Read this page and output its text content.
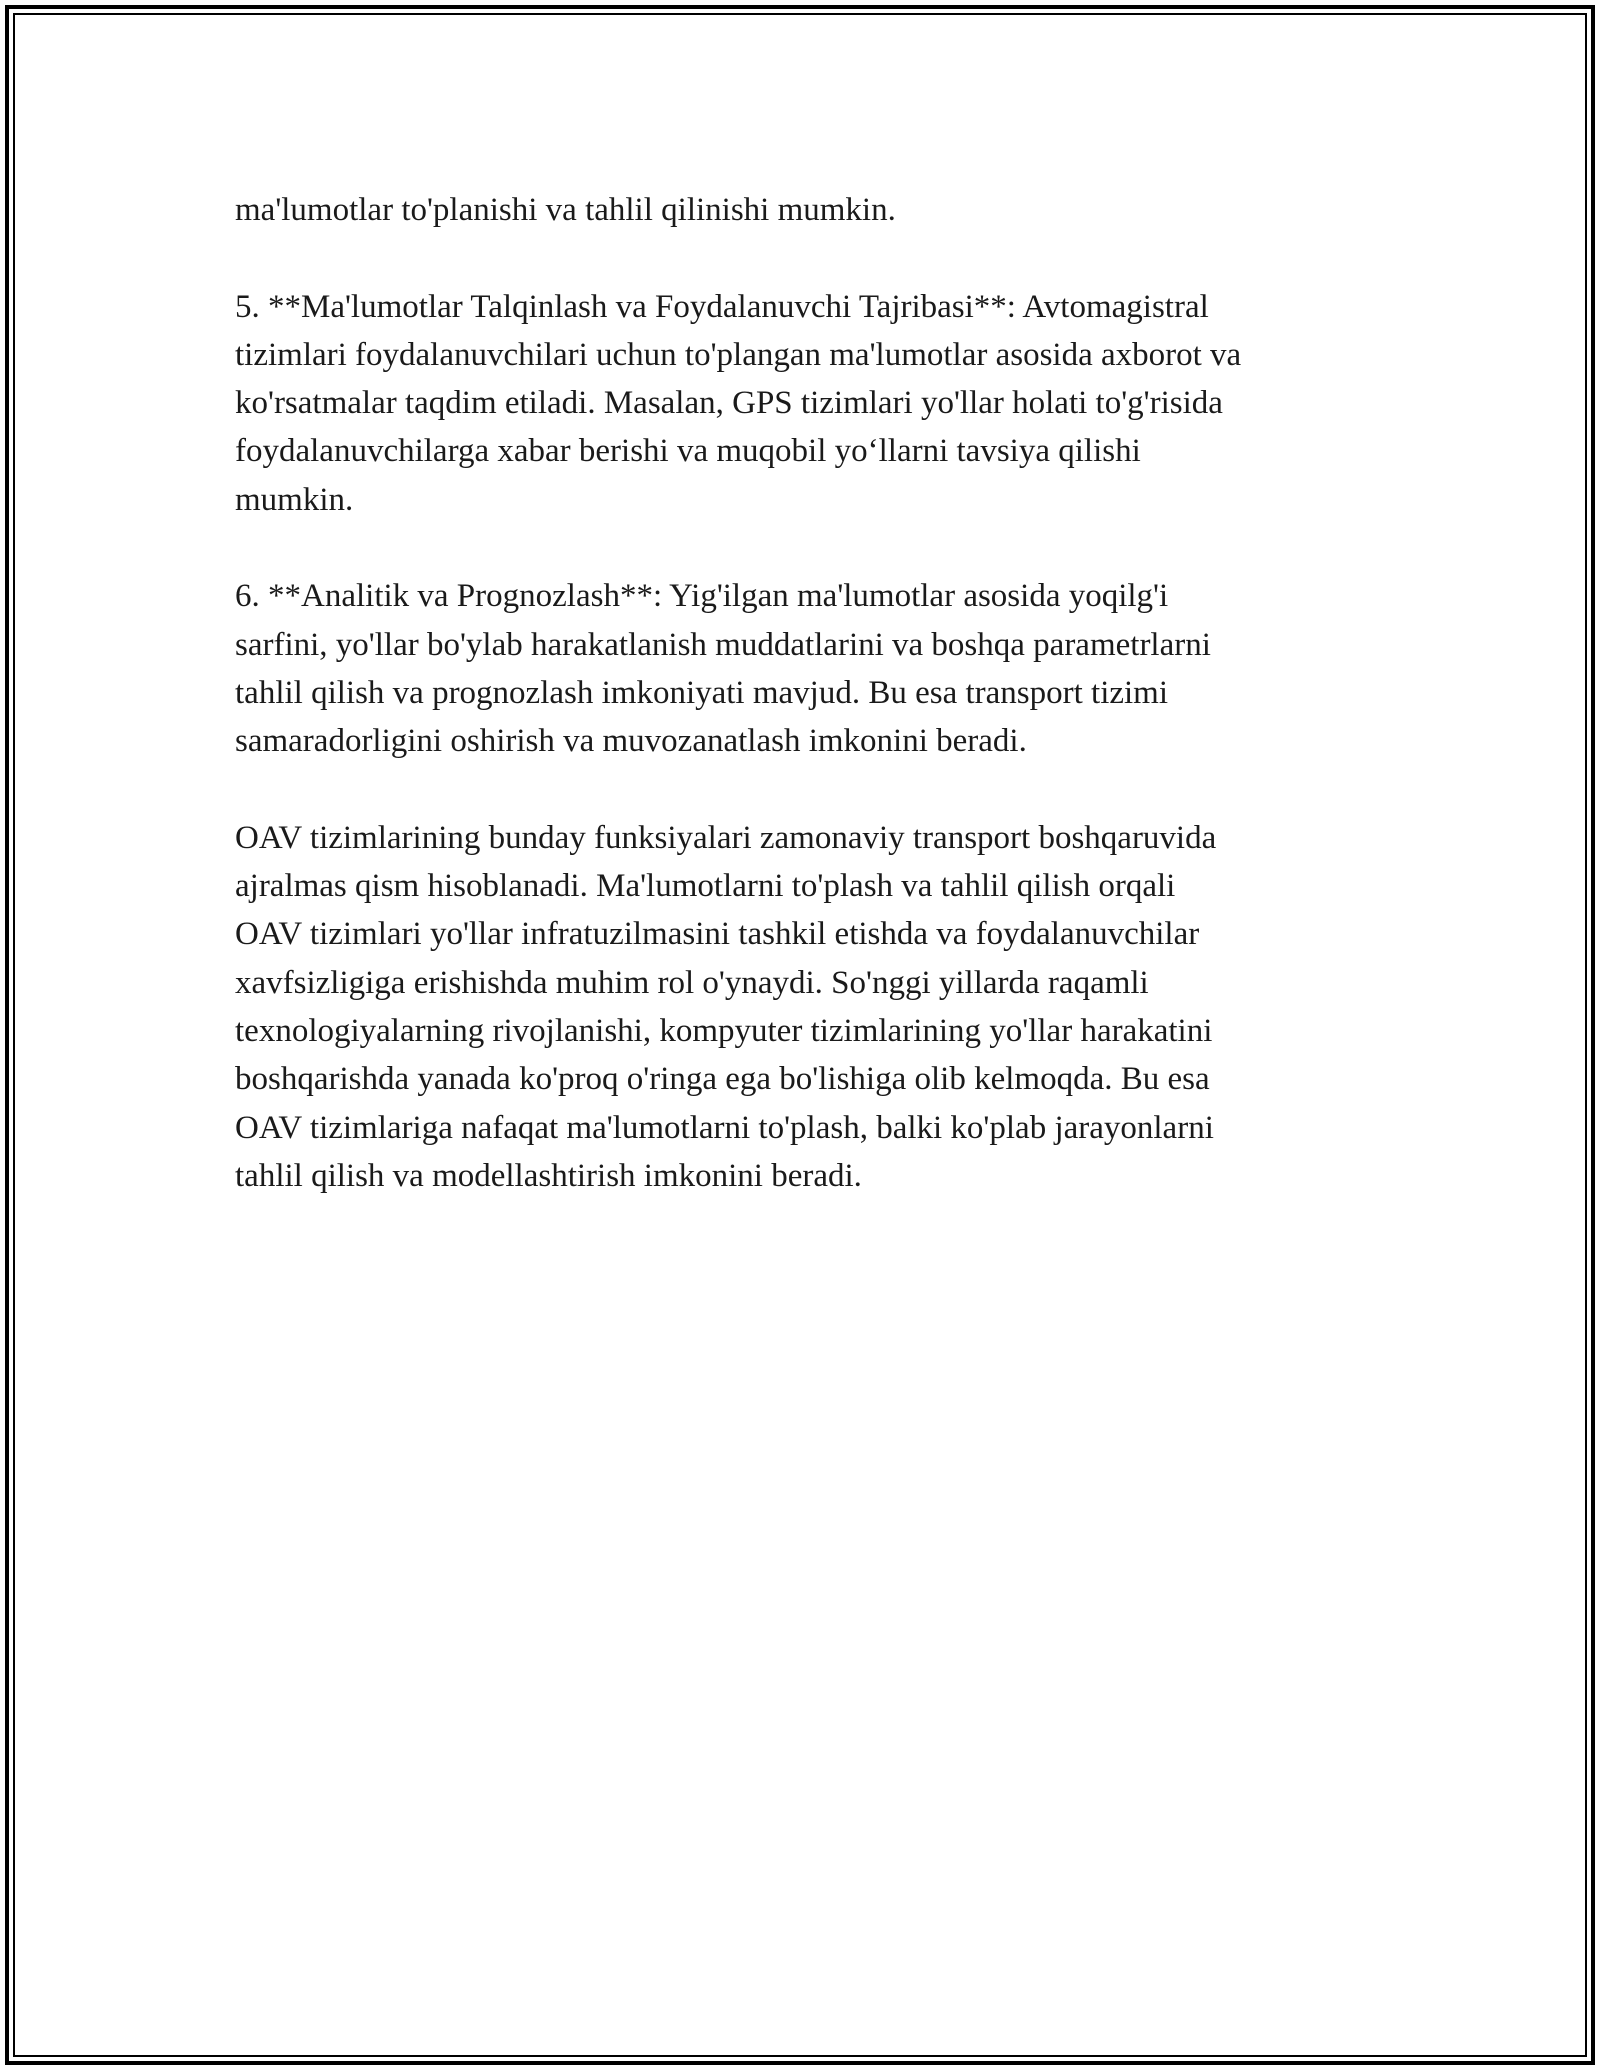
ma'lumotlar to'planishi va tahlil qilinishi mumkin.

5. **Ma'lumotlar Talqinlash va Foydalanuvchi Tajribasi**: Avtomagistral
tizimlari foydalanuvchilari uchun to'plangan ma'lumotlar asosida axborot va
ko'rsatmalar taqdim etiladi. Masalan, GPS tizimlari yo'llar holati to'g'risida
foydalanuvchilarga xabar berishi va muqobil yo‘llarni tavsiya qilishi
mumkin.

6. **Analitik va Prognozlash**: Yig'ilgan ma'lumotlar asosida yoqilg'i
sarfini, yo'llar bo'ylab harakatlanish muddatlarini va boshqa parametrlarni
tahlil qilish va prognozlash imkoniyati mavjud. Bu esa transport tizimi
samaradorligini oshirish va muvozanatlash imkonini beradi.

OAV tizimlarining bunday funksiyalari zamonaviy transport boshqaruvida
ajralmas qism hisoblanadi. Ma'lumotlarni to'plash va tahlil qilish orqali
OAV tizimlari yo'llar infratuzilmasini tashkil etishda va foydalanuvchilar
xavfsizligiga erishishda muhim rol o'ynaydi. So'nggi yillarda raqamli
texnologiyalarning rivojlanishi, kompyuter tizimlarining yo'llar harakatini
boshqarishda yanada ko'proq o'ringa ega bo'lishiga olib kelmoqda. Bu esa
OAV tizimlariga nafaqat ma'lumotlarni to'plash, balki ko'plab jarayonlarni
tahlil qilish va modellashtirish imkonini beradi.
